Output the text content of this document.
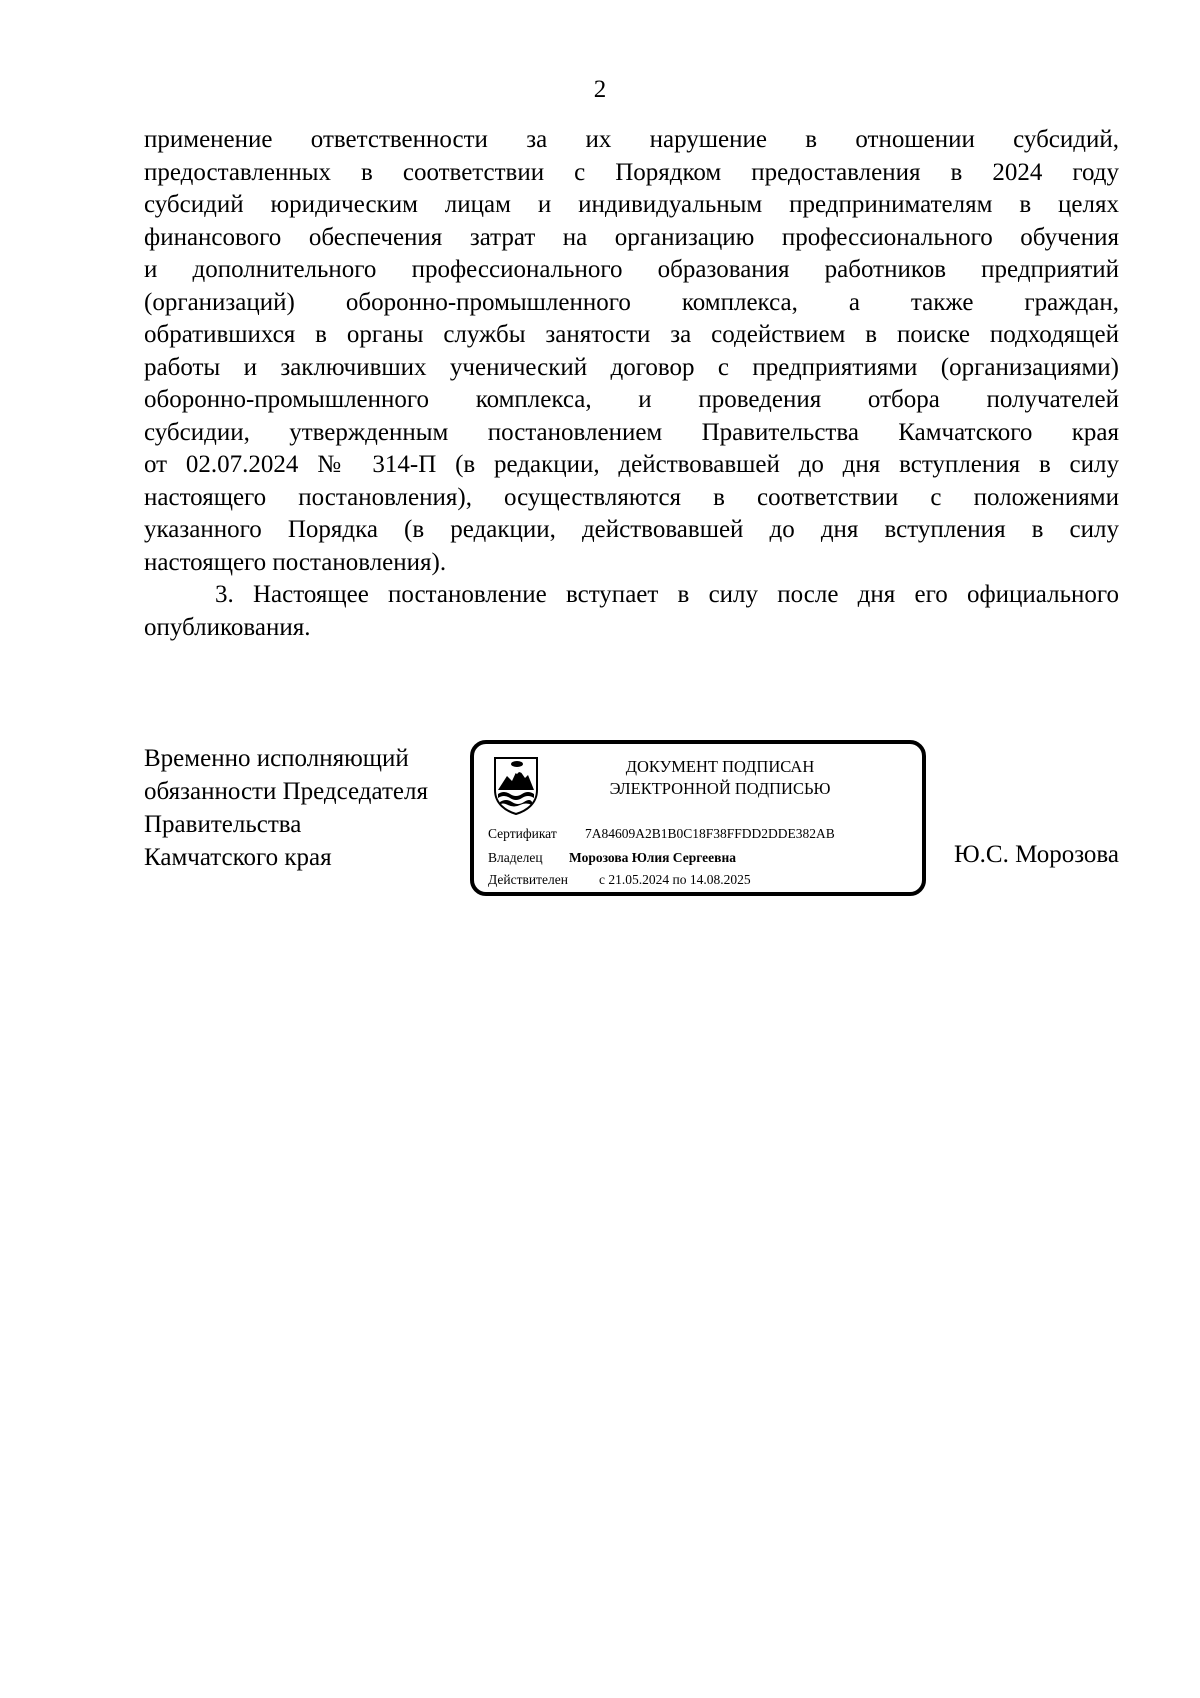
2
применение ответственности за их нарушение в отношении субсидий,
предоставленных в соответствии с Порядком предоставления в 2024 году
субсидий юридическим лицам и индивидуальным предпринимателям в целях
финансового обеспечения затрат на организацию профессионального обучения
и дополнительного профессионального образования работников предприятий
(организаций) оборонно-промышленного комплекса, а также граждан,
обратившихся в органы службы занятости за содействием в поиске подходящей
работы и заключивших ученический договор с предприятиями (организациями)
оборонно-промышленного комплекса, и проведения отбора получателей
субсидии, утвержденным постановлением Правительства Камчатского края
от 02.07.2024 № 314-П (в редакции, действовавшей до дня вступления в силу
настоящего постановления), осуществляются в соответствии с положениями
указанного Порядка (в редакции, действовавшей до дня вступления в силу
настоящего постановления).
3. Настоящее постановление вступает в силу после дня его официального
опубликования.
Временно исполняющий
обязанности Председателя
Правительства
Камчатского края
ДОКУМЕНТ ПОДПИСАН
ЭЛЕКТРОННОЙ ПОДПИСЬЮ
Сертификат 7A84609A2B1B0C18F38FFDD2DDE382AB
Владелец Морозова Юлия Сергеевна
Действителен с 21.05.2024 по 14.08.2025
Ю.С. Морозова
